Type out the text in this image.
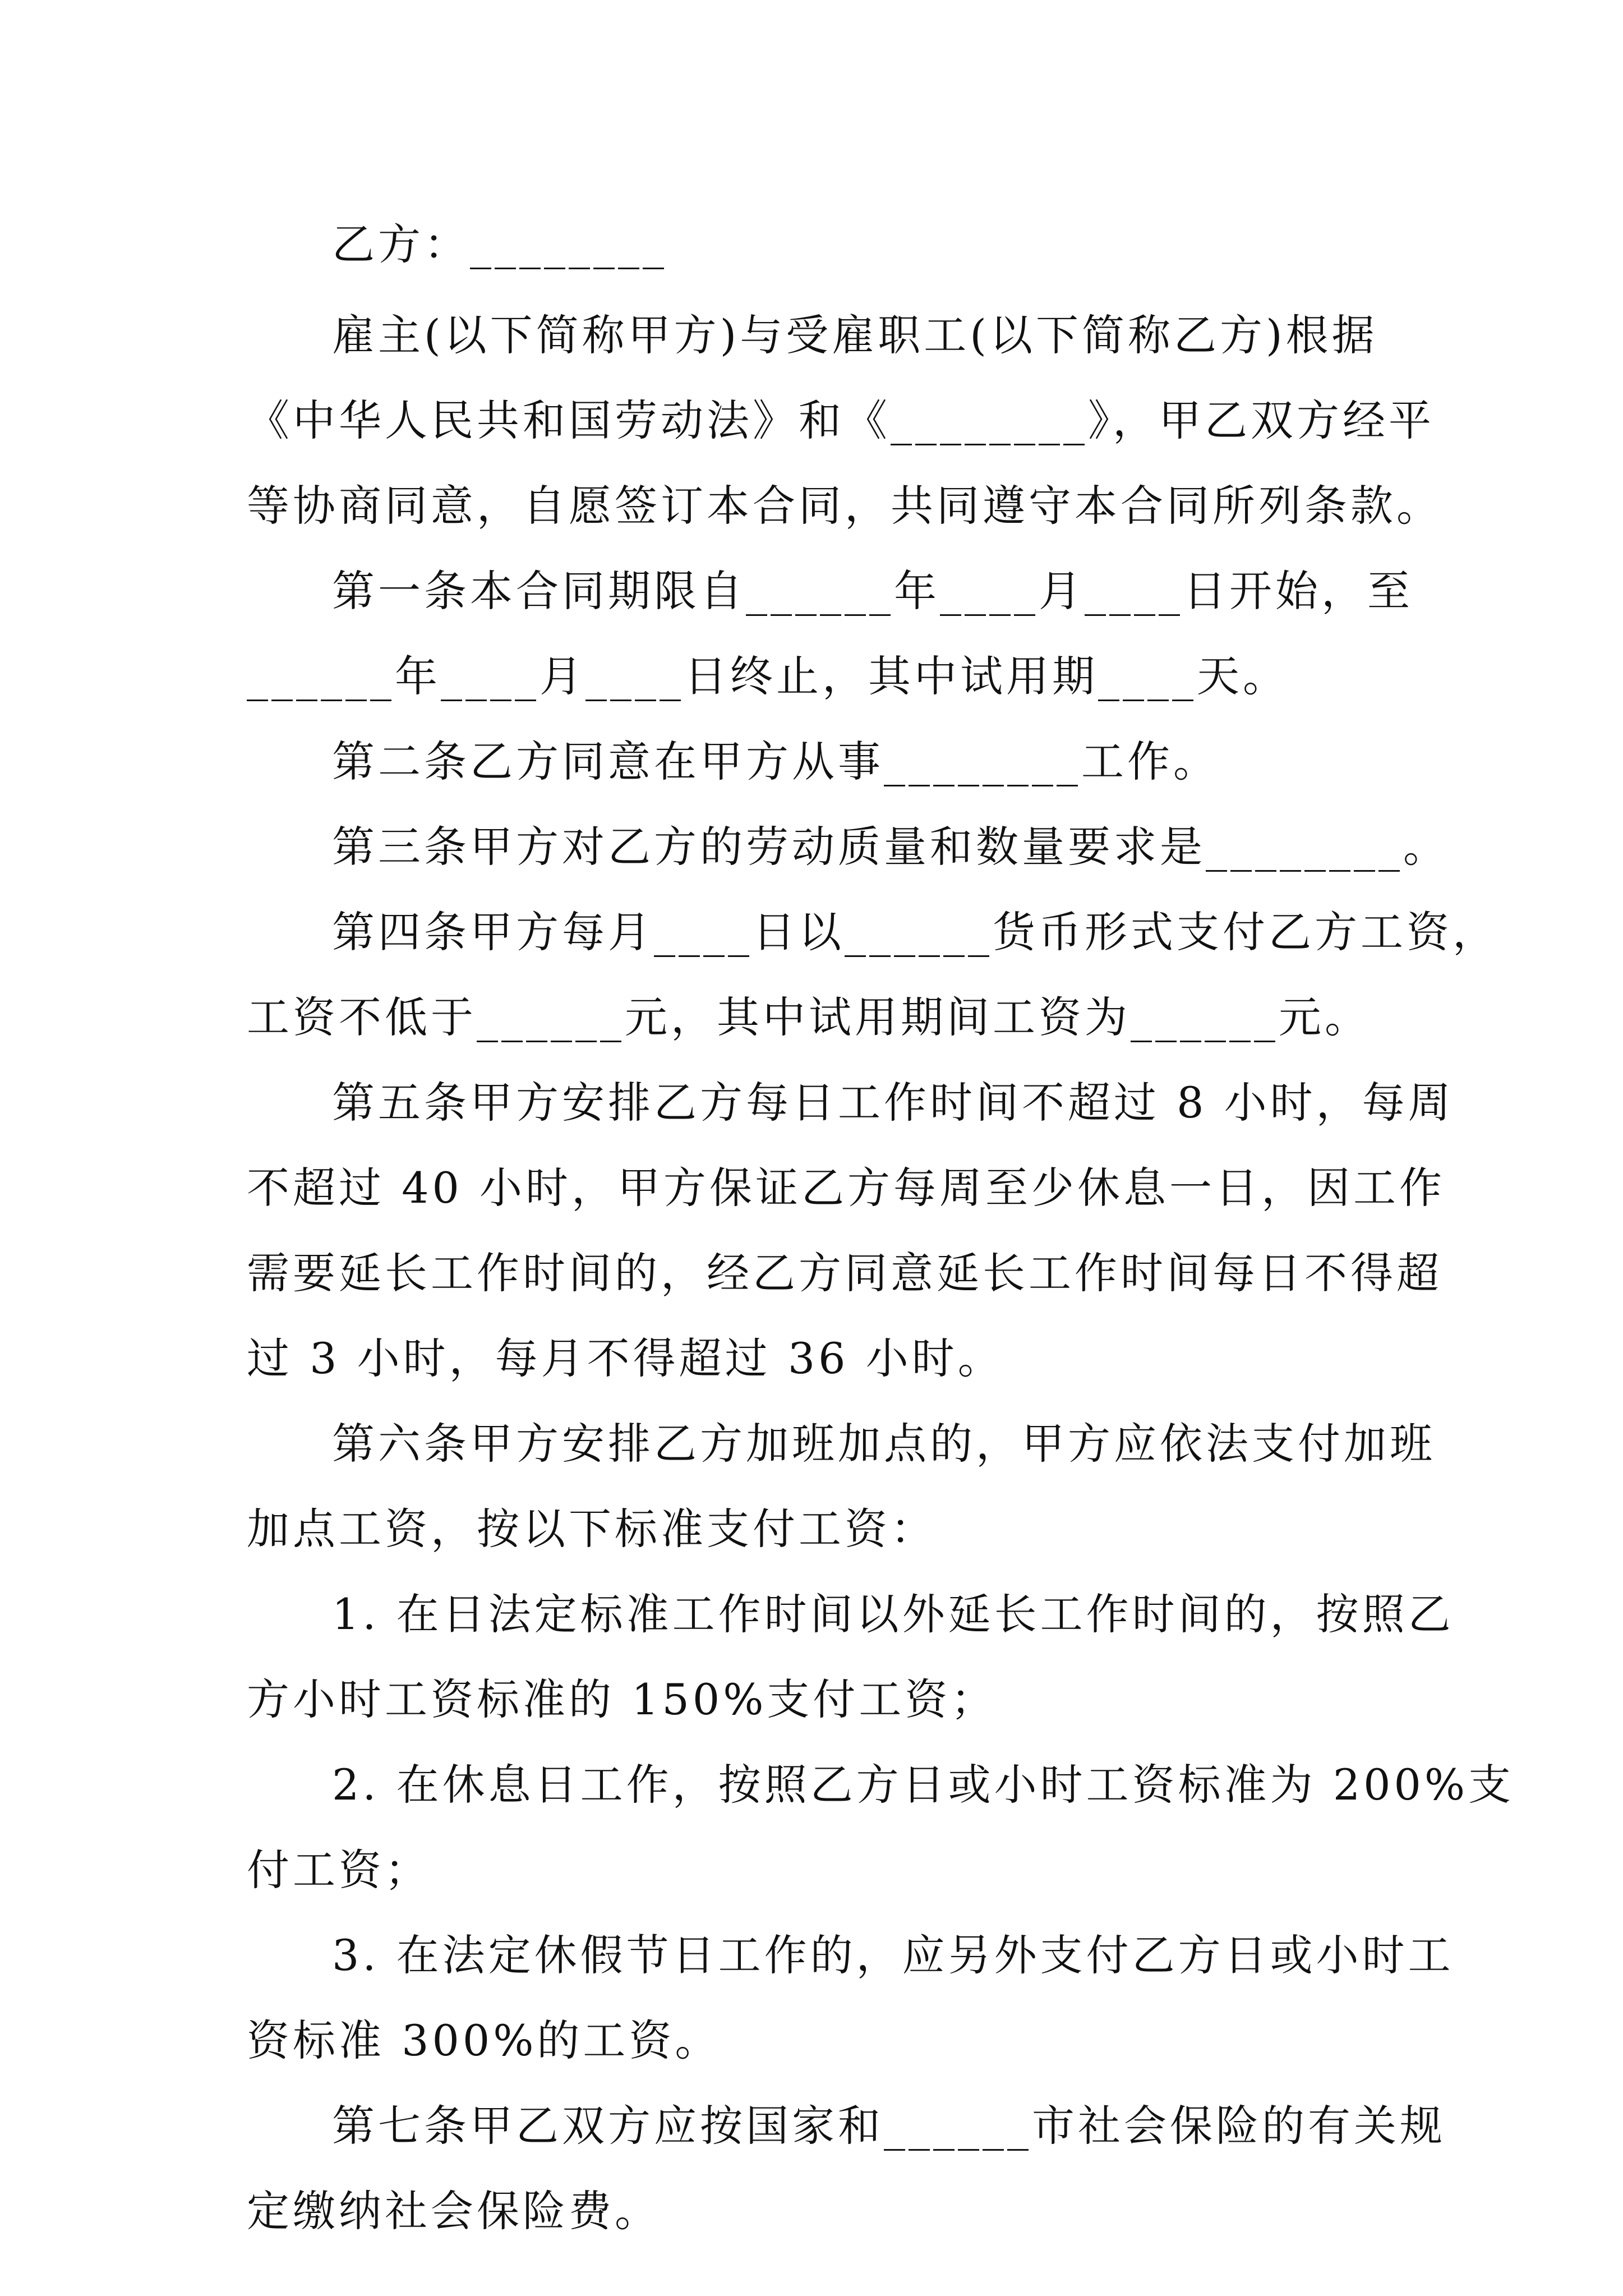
乙方：________
雇主(以下简称甲方)与受雇职工(以下简称乙方)根据
《中华人民共和国劳动法》和《________》，甲乙双方经平
等协商同意，自愿签订本合同，共同遵守本合同所列条款。
第一条本合同期限自______年____月____日开始，至
______年____月____日终止，其中试用期____天。
第二条乙方同意在甲方从事________工作。
第三条甲方对乙方的劳动质量和数量要求是________。
第四条甲方每月____日以______货币形式支付乙方工资，
工资不低于______元，其中试用期间工资为______元。
第五条甲方安排乙方每日工作时间不超过 8 小时，每周
不超过 40 小时，甲方保证乙方每周至少休息一日，因工作
需要延长工作时间的，经乙方同意延长工作时间每日不得超
过 3 小时，每月不得超过 36 小时。
第六条甲方安排乙方加班加点的，甲方应依法支付加班
加点工资，按以下标准支付工资：
1. 在日法定标准工作时间以外延长工作时间的，按照乙
方小时工资标准的 150%支付工资；
2. 在休息日工作，按照乙方日或小时工资标准为 200%支
付工资；
3. 在法定休假节日工作的，应另外支付乙方日或小时工
资标准 300%的工资。
第七条甲乙双方应按国家和______市社会保险的有关规
定缴纳社会保险费。
